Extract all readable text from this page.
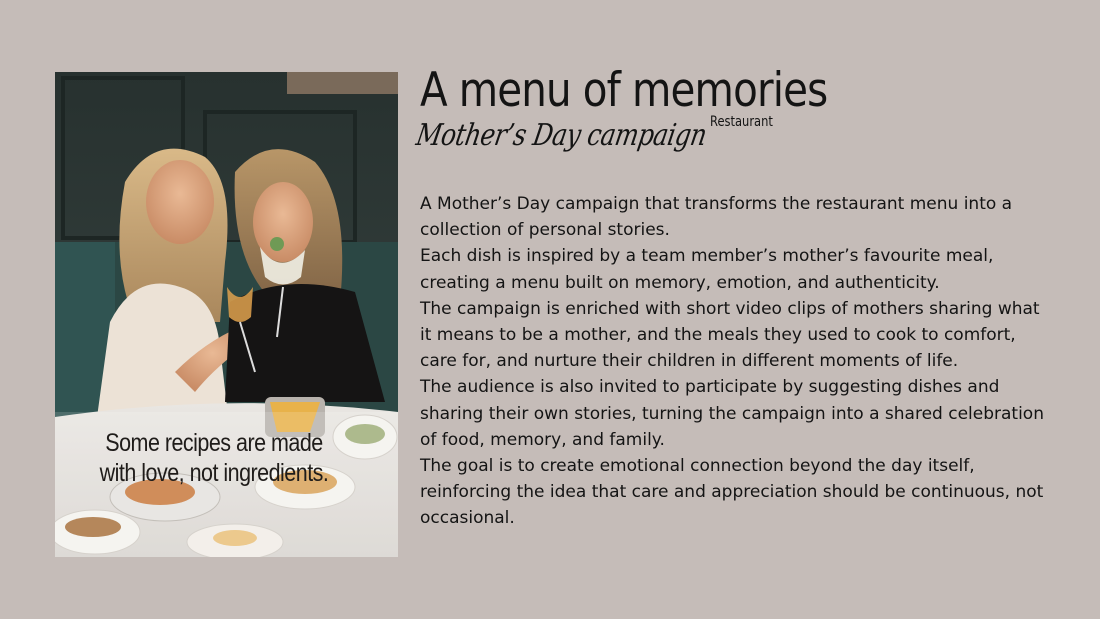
Some recipes are made with love, not ingredients.
A menu of memories
Restaurant
Mother’s Day campaign

A Mother’s Day campaign that transforms the restaurant menu into a collection of personal stories.

Each dish is inspired by a team member’s mother’s favourite meal, creating a menu built on memory, emotion, and authenticity.

The campaign is enriched with short video clips of mothers sharing what it means to be a mother, and the meals they used to cook to comfort, care for, and nurture their children in different moments of life.

The audience is also invited to participate by suggesting dishes and sharing their own stories, turning the campaign into a shared celebration of food, memory, and family.

The goal is to create emotional connection beyond the day itself, reinforcing the idea that care and appreciation should be continuous, not occasional.
